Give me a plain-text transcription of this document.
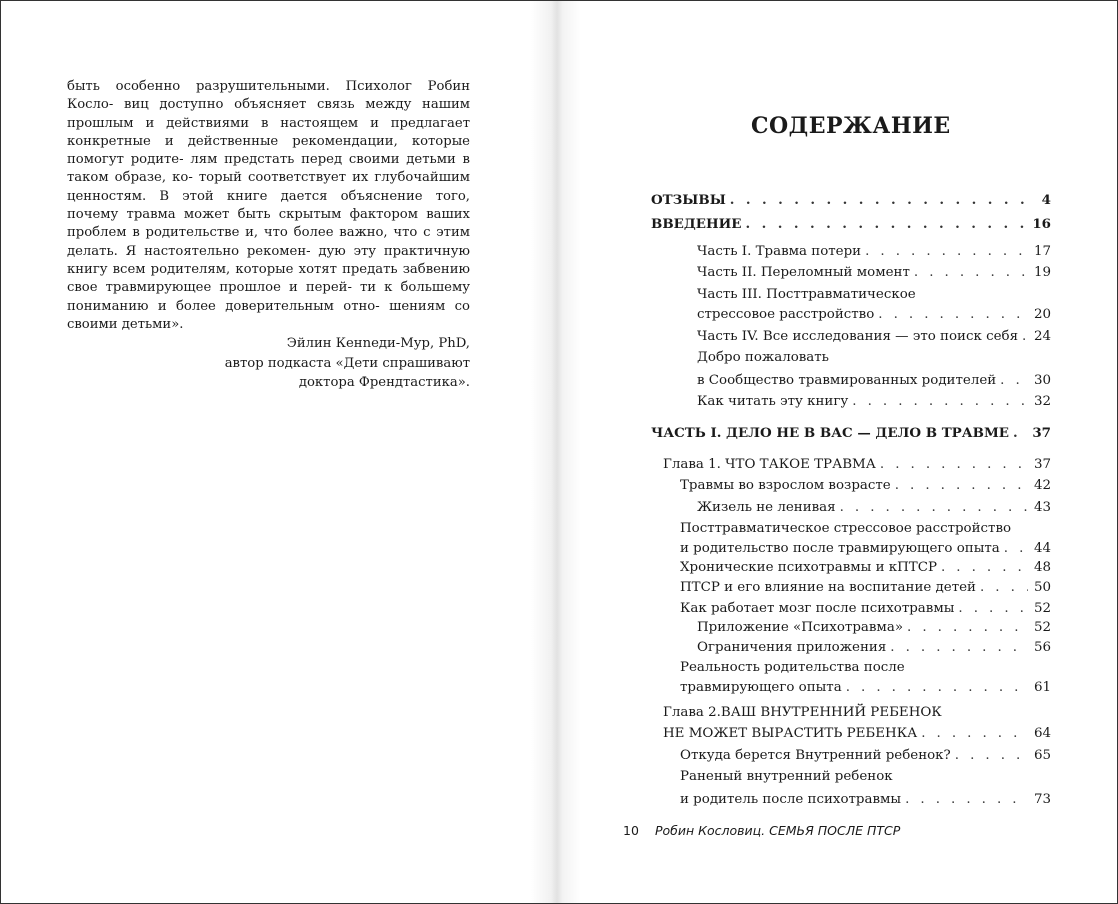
быть особенно разрушительными. Психолог Робин Косло- виц доступно объясняет связь между нашим прошлым и действиями в настоящем и предлагает конкретные и действенные рекомендации, которые помогут родите- лям предстать перед своими детьми в таком образе, ко- торый соответствует их глубочайшим ценностям. В этой книге дается объяснение того, почему травма может быть скрытым фактором ваших проблем в родительстве и, что более важно, что с этим делать. Я настоятельно рекомен- дую эту практичную книгу всем родителям, которые хотят предать забвению свое травмирующее прошлое и перей- ти к большему пониманию и более доверительным отно- шениям со своими детьми».

Эйлин Кенneди-Мур, PhD,

автор подкаста «Дети спрашивают

доктора Френдтастика».

СОДЕРЖАНИЕ
ОТЗЫВЫ . . .	4
ВВЕДЕНИЕ . . .	16
Часть I. Травма потери . . .	17
Часть II. Переломный момент . . .	19
Часть III. Посттравматическое
стрессовое расстройство . . .	20
Часть IV. Все исследования — это поиск себя . . .	24
Добро пожаловать
в Сообщество травмированных родителей . . .	30
Как читать эту книгу . . .	32
ЧАСТЬ I. ДЕЛО НЕ В ВАС — ДЕЛО В ТРАВМЕ . . .	37
Глава 1. ЧТО ТАКОЕ ТРАВМА . . .	37
Травмы во взрослом возрасте . . .	42
Жизель не ленивая . . .	43
Посттравматическое стрессовое расстройство
и родительство после травмирующего опыта . . .	44
Хронические психотравмы и кПТСР . . .	48
ПТСР и его влияние на воспитание детей . . .	50
Как работает мозг после психотравмы . . .	52
Приложение «Психотравма» . . .	52
Ограничения приложения . . .	56
Реальность родительства после
травмирующего опыта . . .	61
Глава 2.ВАШ ВНУТРЕННИЙ РЕБЕНОК
НЕ МОЖЕТ ВЫРАСТИТЬ РЕБЕНКА . . .	64
Откуда берется Внутренний ребенок? . . .	65
Раненый внутренний ребенок
и родитель после психотравмы . . .	73
10 Робин Кословиц. СЕМЬЯ ПОСЛЕ ПТСР
